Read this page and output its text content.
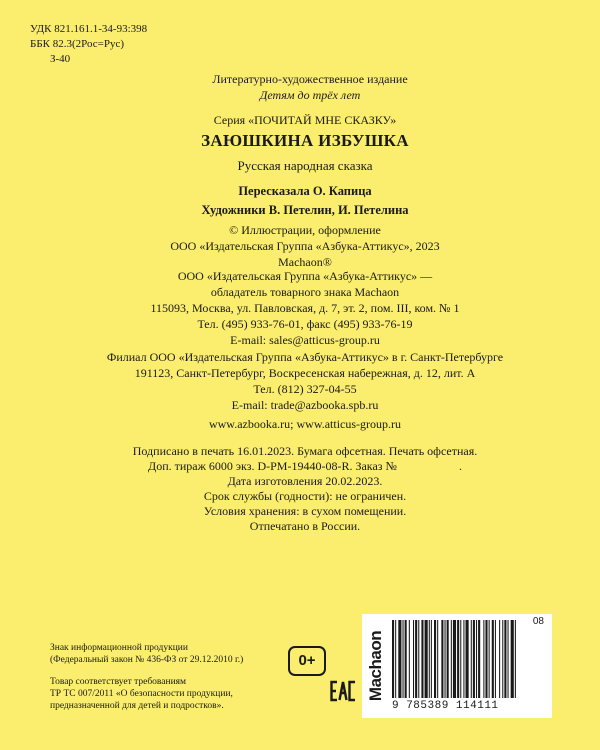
УДК 821.161.1-34-93:398
ББК 82.3(2Рос=Рус)
З-40
Литературно-художественное издание
Детям до трёх лет
Серия «ПОЧИТАЙ МНЕ СКАЗКУ»
ЗАЮШКИНА ИЗБУШКА
Русская народная сказка
Пересказала О. Капица
Художники В. Петелин, И. Петелина
© Иллюстрации, оформление
ООО «Издательская Группа «Азбука-Аттикус», 2023
Machaon®
ООО «Издательская Группа «Азбука-Аттикус» —
обладатель товарного знака Machaon
115093, Москва, ул. Павловская, д. 7, эт. 2, пом. III, ком. № 1
Тел. (495) 933-76-01, факс (495) 933-76-19
E-mail: sales@atticus-group.ru
Филиал ООО «Издательская Группа «Азбука-Аттикус» в г. Санкт-Петербурге
191123, Санкт-Петербург, Воскресенская набережная, д. 12, лит. А
Тел. (812) 327-04-55
E-mail: trade@azbooka.spb.ru
www.azbooka.ru; www.atticus-group.ru
Подписано в печать 16.01.2023. Бумага офсетная. Печать офсетная.
Доп. тираж 6000 экз. D-PM-19440-08-R. Заказ №	.
Дата изготовления 20.02.2023.
Срок службы (годности): не ограничен.
Условия хранения: в сухом помещении.
Отпечатано в России.
Знак информационной продукции
(Федеральный закон № 436-ФЗ от 29.12.2010 г.)	0+
Товар соответствует требованиям
ТР ТС 007/2011 «О безопасности продукции,
предназначенной для детей и подростков».
Machaon
08
9 785389 114111
